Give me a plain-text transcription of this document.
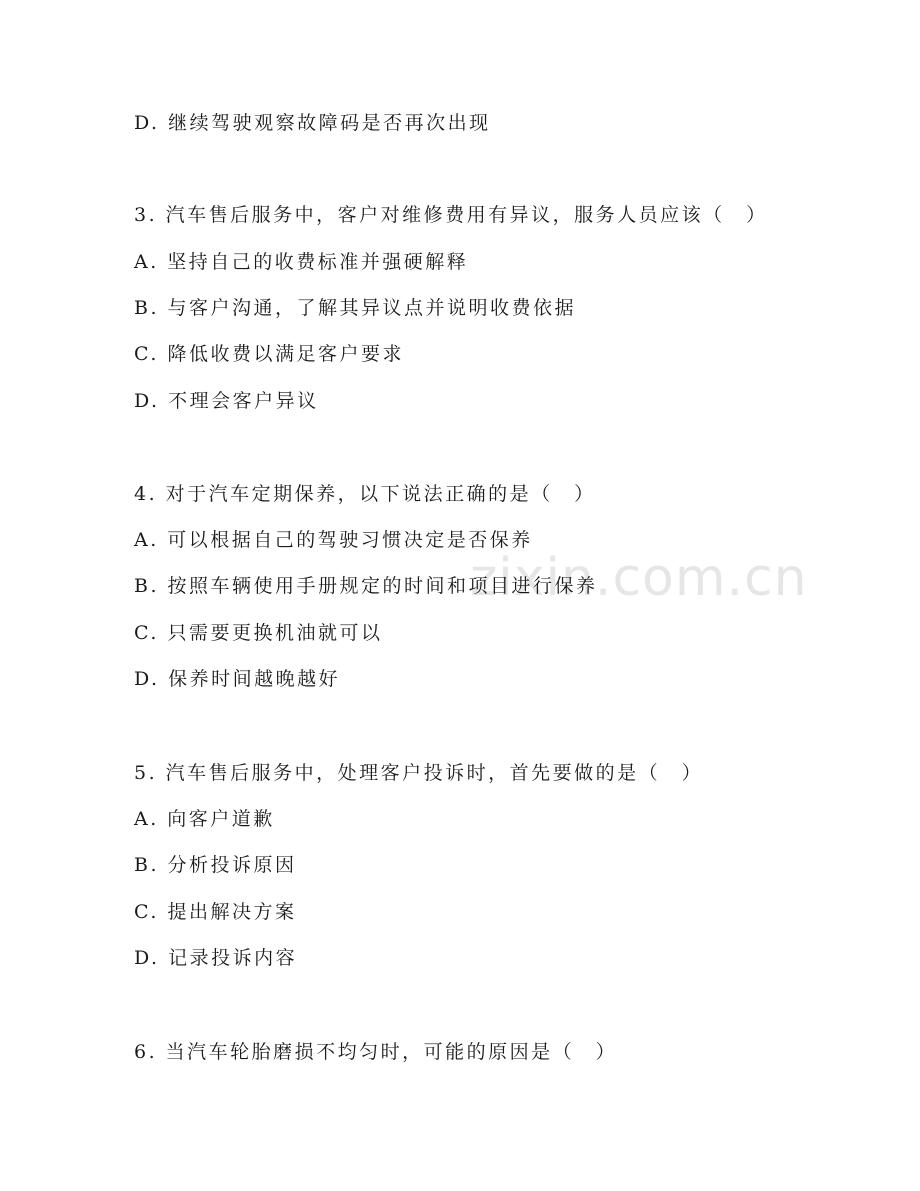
zixin.com.cn
D. 继续驾驶观察故障码是否再次出现
3. 汽车售后服务中，客户对维修费用有异议，服务人员应该（　）
A. 坚持自己的收费标准并强硬解释
B. 与客户沟通，了解其异议点并说明收费依据
C. 降低收费以满足客户要求
D. 不理会客户异议
4. 对于汽车定期保养，以下说法正确的是（　）
A. 可以根据自己的驾驶习惯决定是否保养
B. 按照车辆使用手册规定的时间和项目进行保养
C. 只需要更换机油就可以
D. 保养时间越晚越好
5. 汽车售后服务中，处理客户投诉时，首先要做的是（　）
A. 向客户道歉
B. 分析投诉原因
C. 提出解决方案
D. 记录投诉内容
6. 当汽车轮胎磨损不均匀时，可能的原因是（　）
